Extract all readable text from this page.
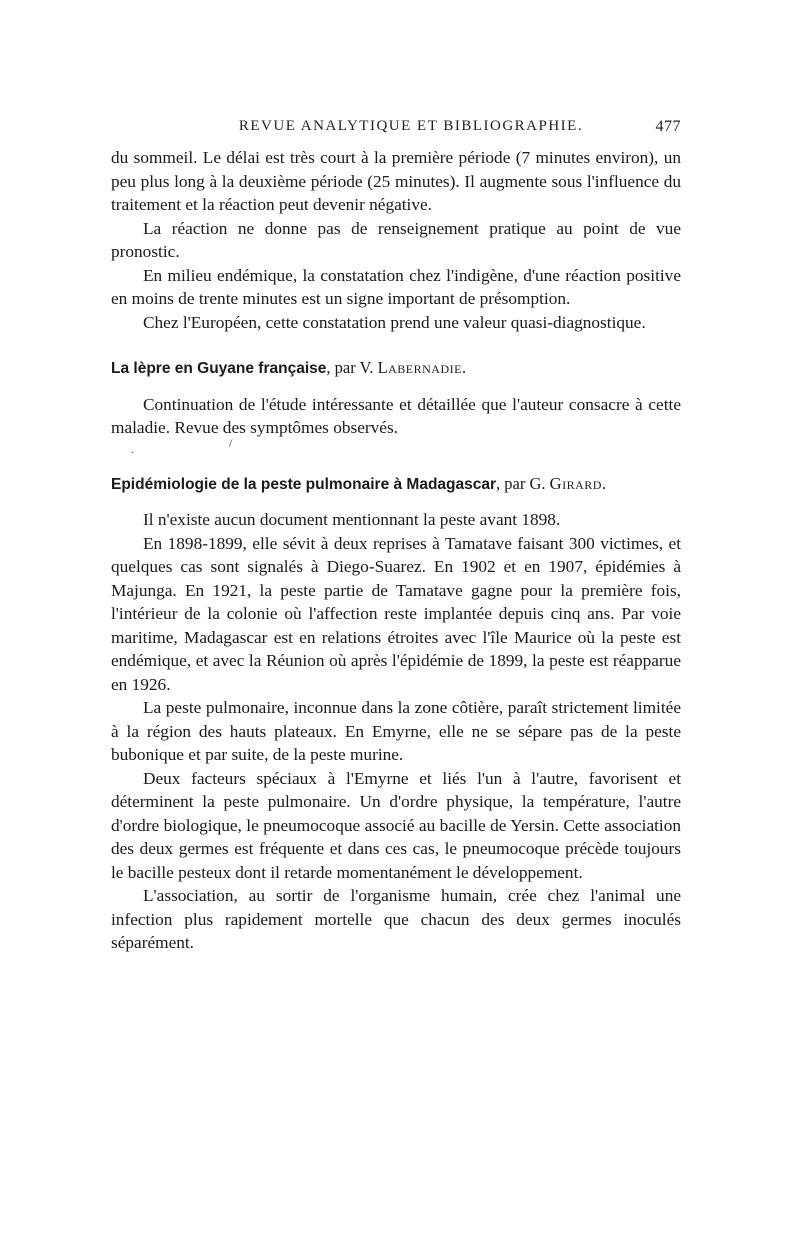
REVUE ANALYTIQUE ET BIBLIOGRAPHIE.	477

du sommeil. Le délai est très court à la première période (7 minutes environ), un peu plus long à la deuxième période (25 minutes). Il augmente sous l'influence du traitement et la réaction peut devenir négative.

La réaction ne donne pas de renseignement pratique au point de vue pronostic.

En milieu endémique, la constatation chez l'indigène, d'une réaction positive en moins de trente minutes est un signe important de présomption.

Chez l'Européen, cette constatation prend une valeur quasi-diagnostique.

La lèpre en Guyane française, par V. Labernadie.

Continuation de l'étude intéressante et détaillée que l'auteur consacre à cette maladie. Revue des symptômes observés.

.	/
Epidémiologie de la peste pulmonaire à Madagascar, par G. Girard.

Il n'existe aucun document mentionnant la peste avant 1898.

En 1898-1899, elle sévit à deux reprises à Tamatave faisant 300 victimes, et quelques cas sont signalés à Diego-Suarez. En 1902 et en 1907, épidémies à Majunga. En 1921, la peste partie de Tamatave gagne pour la première fois, l'intérieur de la colonie où l'affection reste implantée depuis cinq ans. Par voie maritime, Madagascar est en relations étroites avec l'île Maurice où la peste est endémique, et avec la Réunion où après l'épidémie de 1899, la peste est réapparue en 1926.

La peste pulmonaire, inconnue dans la zone côtière, paraît strictement limitée à la région des hauts plateaux. En Emyrne, elle ne se sépare pas de la peste bubonique et par suite, de la peste murine.

Deux facteurs spéciaux à l'Emyrne et liés l'un à l'autre, favorisent et déterminent la peste pulmonaire. Un d'ordre physique, la température, l'autre d'ordre biologique, le pneumocoque associé au bacille de Yersin. Cette association des deux germes est fréquente et dans ces cas, le pneumocoque précède toujours le bacille pesteux dont il retarde momentanément le développement.

L'association, au sortir de l'organisme humain, crée chez l'animal une infection plus rapidement mortelle que chacun des deux germes inoculés séparément.
